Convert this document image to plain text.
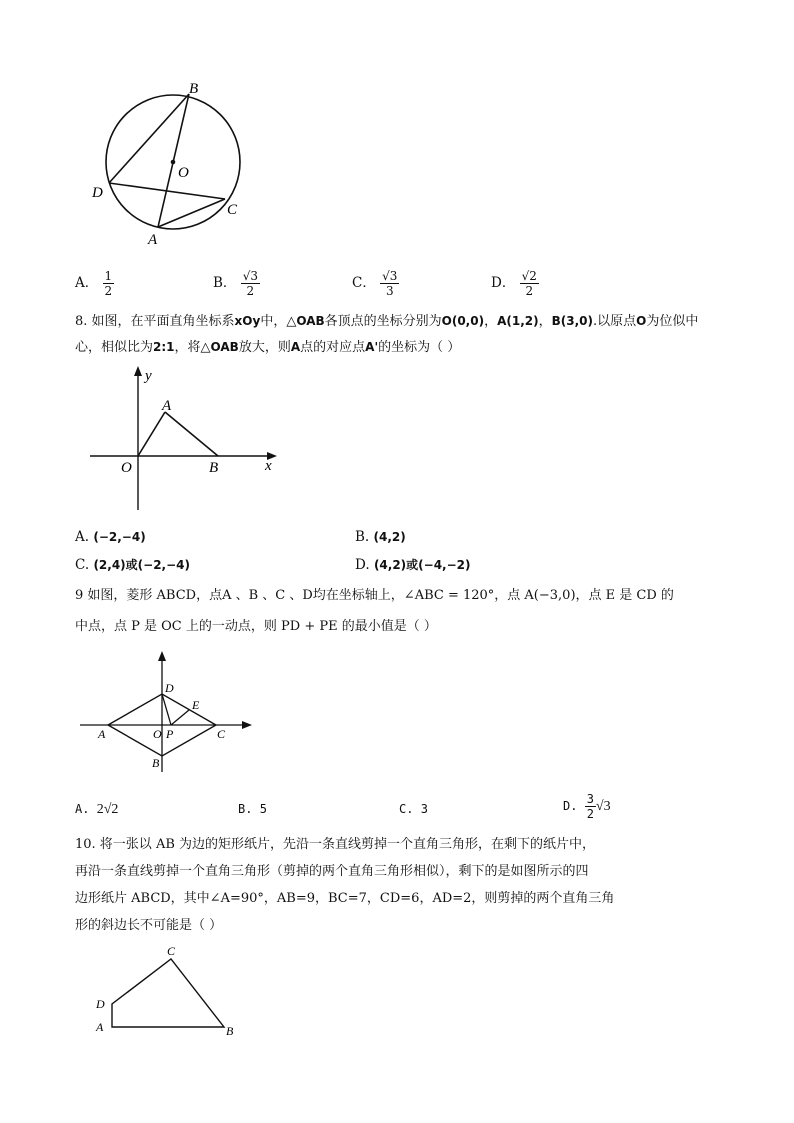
B
O
D
C
A
A． $\frac{1}{2}$	B． $\frac{√3}{2}$	C． $\frac{√3}{3}$	D． $\frac{√2}{2}$
8. 如图，在平面直角坐标系xOy中，△OAB各顶点的坐标分别为O(0,0)，A(1,2)，B(3,0).以原点O为位似中
心，相似比为2:1，将△OAB放大，则A点的对应点A'的坐标为（ ）
y
A
O	B	x
A. (−2,−4)	B. (4,2)
C. (2,4)或(−2,−4)	D. (4,2)或(−4,−2)
9 如图，菱形 ABCD，点A 、B 、C 、D均在坐标轴上，∠ABC = 120°，点 A(−3,0)，点 E 是 CD 的
中点，点 P 是 OC 上的一动点，则 PD + PE 的最小值是（ ）
D
E
A	O P	C
B
A. 2√2	B. 5	C. 3	D. $\frac{3}{2} √3$
10. 将一张以 AB 为边的矩形纸片，先沿一条直线剪掉一个直角三角形，在剩下的纸片中，
再沿一条直线剪掉一个直角三角形（剪掉的两个直角三角形相似），剩下的是如图所示的四
边形纸片 ABCD，其中∠A=90°，AB=9，BC=7，CD=6，AD=2，则剪掉的两个直角三角
形的斜边长不可能是（ ）
C
D
A	B
